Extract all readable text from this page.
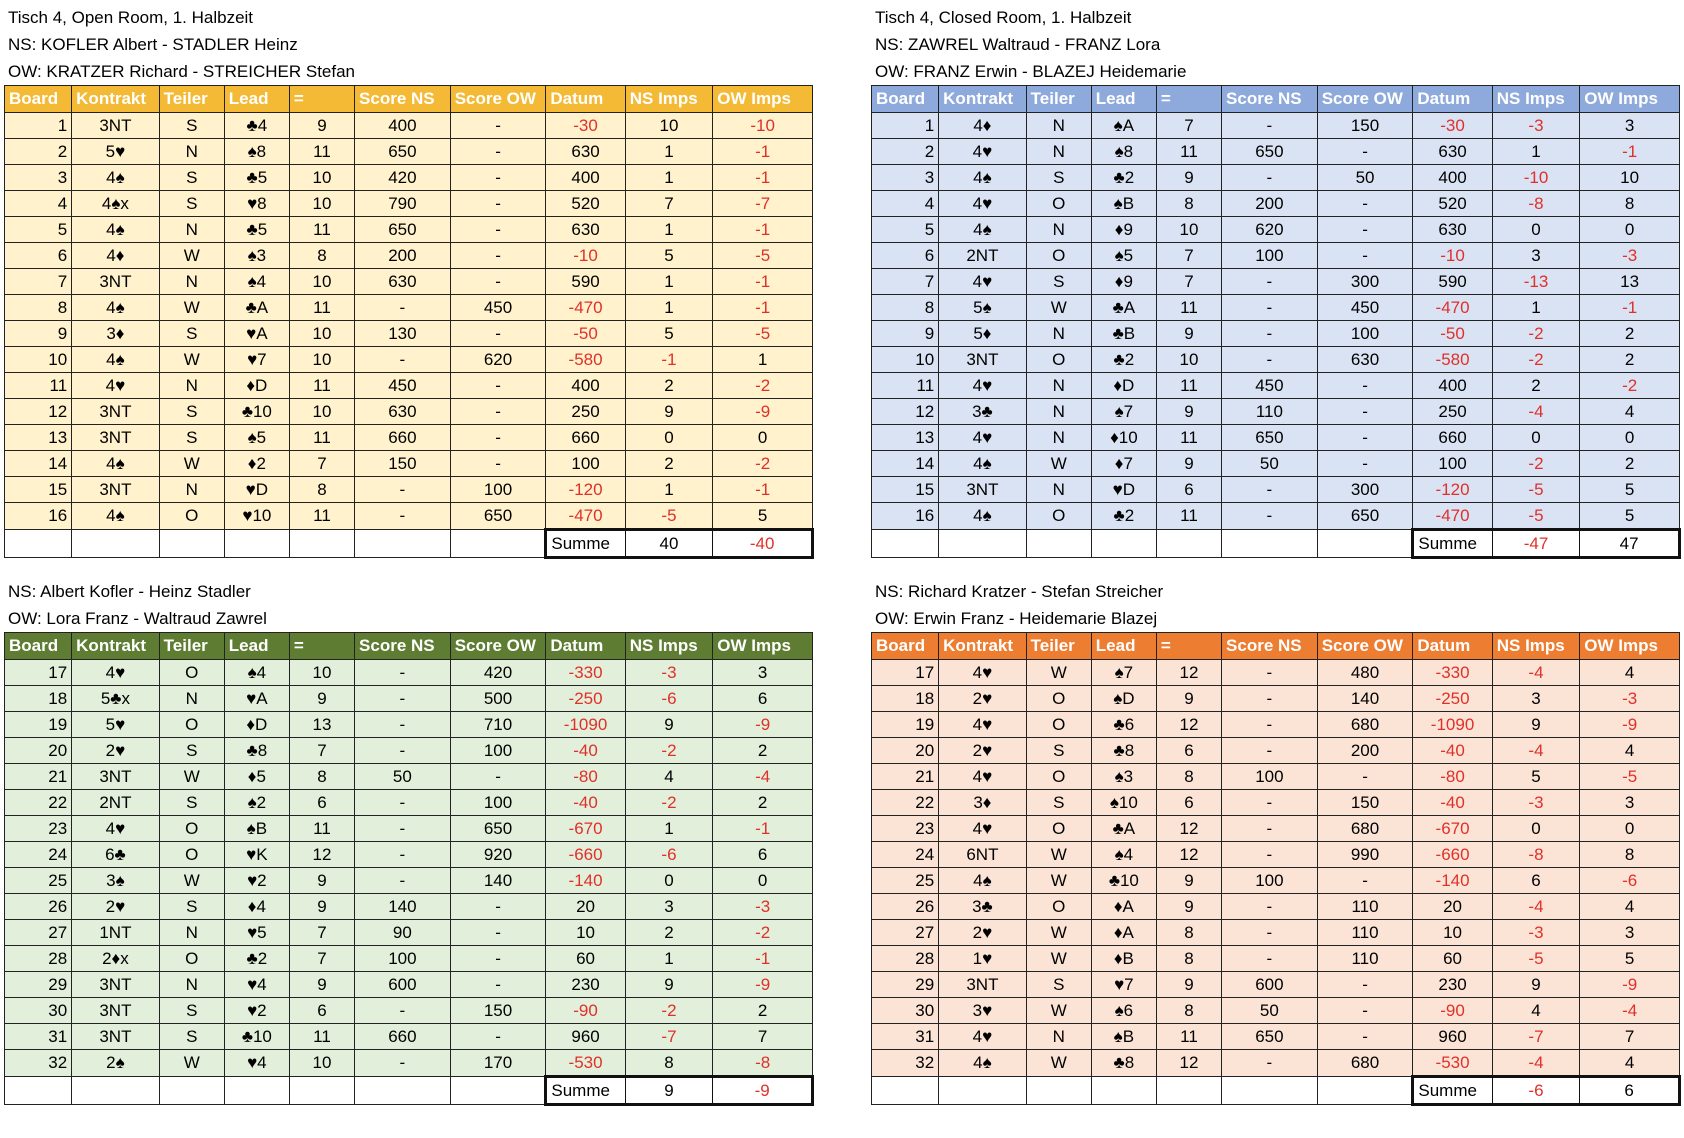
Tisch 4, Open Room, 1. Halbzeit
NS: KOFLER Albert - STADLER Heinz
OW: KRATZER Richard - STREICHER Stefan
Board	Kontrakt	Teiler	Lead	=	Score NS	Score OW	Datum	NS Imps	OW Imps
1	3NT	S	♣4	9	400	-	-30	10	-10
2	5♥	N	♠8	11	650	-	630	1	-1
3	4♠	S	♣5	10	420	-	400	1	-1
4	4♠x	S	♥8	10	790	-	520	7	-7
5	4♠	N	♣5	11	650	-	630	1	-1
6	4♦	W	♠3	8	200	-	-10	5	-5
7	3NT	N	♠4	10	630	-	590	1	-1
8	4♠	W	♣A	11	-	450	-470	1	-1
9	3♦	S	♥A	10	130	-	-50	5	-5
10	4♠	W	♥7	10	-	620	-580	-1	1
11	4♥	N	♦D	11	450	-	400	2	-2
12	3NT	S	♣10	10	630	-	250	9	-9
13	3NT	S	♠5	11	660	-	660	0	0
14	4♠	W	♦2	7	150	-	100	2	-2
15	3NT	N	♥D	8	-	100	-120	1	-1
16	4♠	O	♥10	11	-	650	-470	-5	5
							Summe	40	-40
Tisch 4, Closed Room, 1. Halbzeit
NS: ZAWREL Waltraud - FRANZ Lora
OW: FRANZ Erwin - BLAZEJ Heidemarie
Board	Kontrakt	Teiler	Lead	=	Score NS	Score OW	Datum	NS Imps	OW Imps
1	4♦	N	♠A	7	-	150	-30	-3	3
2	4♥	N	♠8	11	650	-	630	1	-1
3	4♠	S	♣2	9	-	50	400	-10	10
4	4♥	O	♠B	8	200	-	520	-8	8
5	4♠	N	♦9	10	620	-	630	0	0
6	2NT	O	♠5	7	100	-	-10	3	-3
7	4♥	S	♦9	7	-	300	590	-13	13
8	5♠	W	♣A	11	-	450	-470	1	-1
9	5♦	N	♣B	9	-	100	-50	-2	2
10	3NT	O	♣2	10	-	630	-580	-2	2
11	4♥	N	♦D	11	450	-	400	2	-2
12	3♣	N	♠7	9	110	-	250	-4	4
13	4♥	N	♦10	11	650	-	660	0	0
14	4♠	W	♦7	9	50	-	100	-2	2
15	3NT	N	♥D	6	-	300	-120	-5	5
16	4♠	O	♣2	11	-	650	-470	-5	5
							Summe	-47	47
NS: Albert Kofler - Heinz Stadler
OW: Lora Franz - Waltraud Zawrel
Board	Kontrakt	Teiler	Lead	=	Score NS	Score OW	Datum	NS Imps	OW Imps
17	4♥	O	♠4	10	-	420	-330	-3	3
18	5♣x	N	♥A	9	-	500	-250	-6	6
19	5♥	O	♦D	13	-	710	-1090	9	-9
20	2♥	S	♣8	7	-	100	-40	-2	2
21	3NT	W	♦5	8	50	-	-80	4	-4
22	2NT	S	♠2	6	-	100	-40	-2	2
23	4♥	O	♠B	11	-	650	-670	1	-1
24	6♣	O	♥K	12	-	920	-660	-6	6
25	3♠	W	♥2	9	-	140	-140	0	0
26	2♥	S	♦4	9	140	-	20	3	-3
27	1NT	N	♥5	7	90	-	10	2	-2
28	2♦x	O	♣2	7	100	-	60	1	-1
29	3NT	N	♥4	9	600	-	230	9	-9
30	3NT	S	♥2	6	-	150	-90	-2	2
31	3NT	S	♣10	11	660	-	960	-7	7
32	2♠	W	♥4	10	-	170	-530	8	-8
							Summe	9	-9
NS: Richard Kratzer - Stefan Streicher
OW: Erwin Franz - Heidemarie Blazej
Board	Kontrakt	Teiler	Lead	=	Score NS	Score OW	Datum	NS Imps	OW Imps
17	4♥	W	♠7	12	-	480	-330	-4	4
18	2♥	O	♠D	9	-	140	-250	3	-3
19	4♥	O	♣6	12	-	680	-1090	9	-9
20	2♥	S	♣8	6	-	200	-40	-4	4
21	4♥	O	♠3	8	100	-	-80	5	-5
22	3♦	S	♠10	6	-	150	-40	-3	3
23	4♥	O	♣A	12	-	680	-670	0	0
24	6NT	W	♠4	12	-	990	-660	-8	8
25	4♠	W	♣10	9	100	-	-140	6	-6
26	3♣	O	♦A	9	-	110	20	-4	4
27	2♥	W	♦A	8	-	110	10	-3	3
28	1♥	W	♦B	8	-	110	60	-5	5
29	3NT	S	♥7	9	600	-	230	9	-9
30	3♥	W	♠6	8	50	-	-90	4	-4
31	4♥	N	♠B	11	650	-	960	-7	7
32	4♠	W	♣8	12	-	680	-530	-4	4
							Summe	-6	6
